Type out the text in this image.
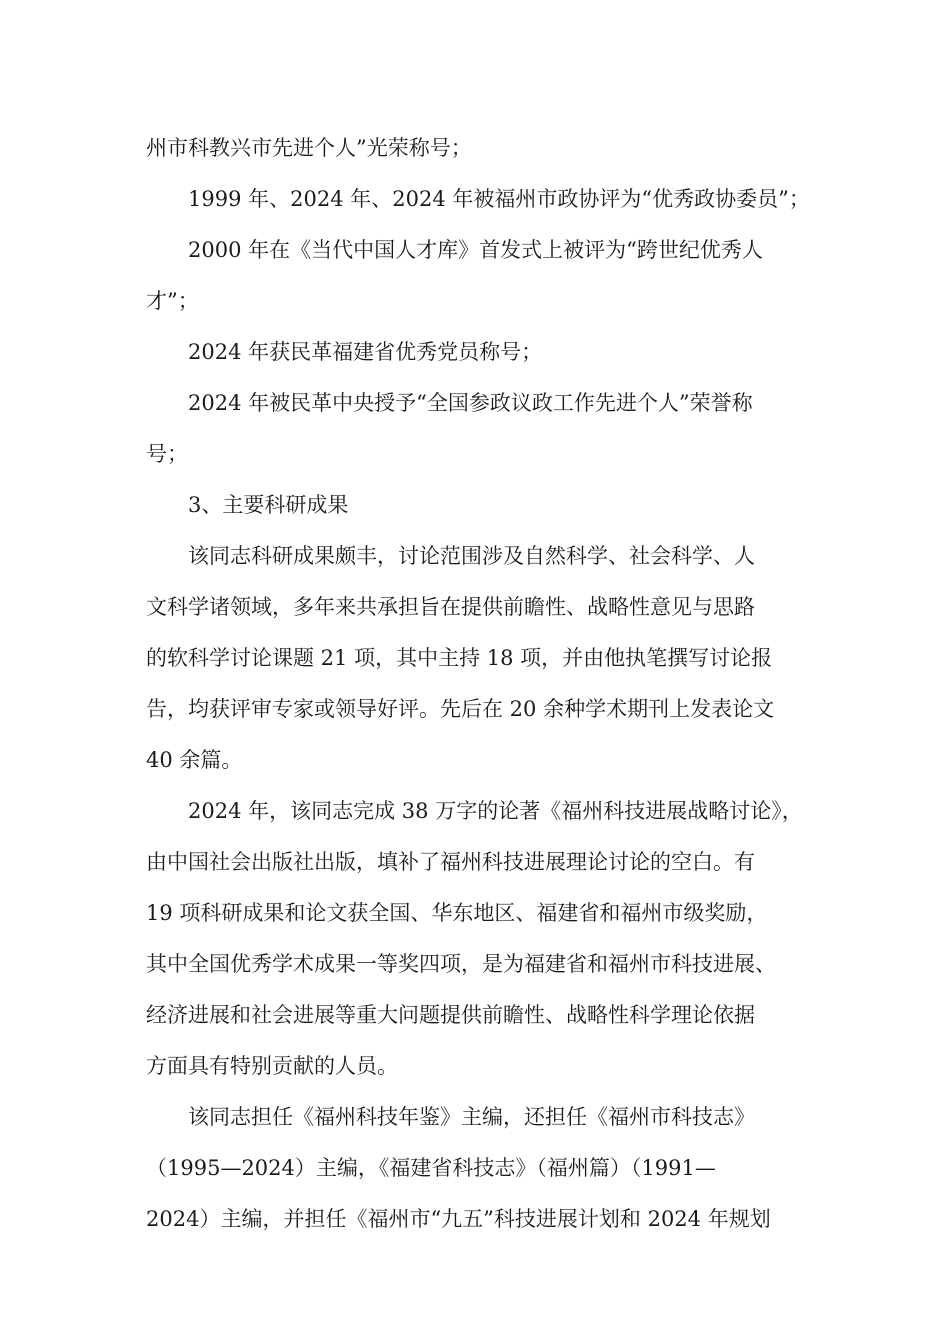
州市科教兴市先进个人”光荣称号；
1999 年、2024 年、2024 年被福州市政协评为“优秀政协委员”；
2000 年在《当代中国人才库》首发式上被评为“跨世纪优秀人
才”；
2024 年获民革福建省优秀党员称号；
2024 年被民革中央授予“全国参政议政工作先进个人”荣誉称
号；
3、主要科研成果
该同志科研成果颇丰，讨论范围涉及自然科学、社会科学、人
文科学诸领域，多年来共承担旨在提供前瞻性、战略性意见与思路
的软科学讨论课题 21 项，其中主持 18 项，并由他执笔撰写讨论报
告，均获评审专家或领导好评。先后在 20 余种学术期刊上发表论文
40 余篇。
2024 年，该同志完成 38 万字的论著《福州科技进展战略讨论》，
由中国社会出版社出版，填补了福州科技进展理论讨论的空白。有
19 项科研成果和论文获全国、华东地区、福建省和福州市级奖励，
其中全国优秀学术成果一等奖四项，是为福建省和福州市科技进展、
经济进展和社会进展等重大问题提供前瞻性、战略性科学理论依据
方面具有特别贡献的人员。
该同志担任《福州科技年鉴》主编，还担任《福州市科技志》
（1995—2024）主编，《福建省科技志》（福州篇）（1991—
2024）主编，并担任《福州市“九五”科技进展计划和 2024 年规划
